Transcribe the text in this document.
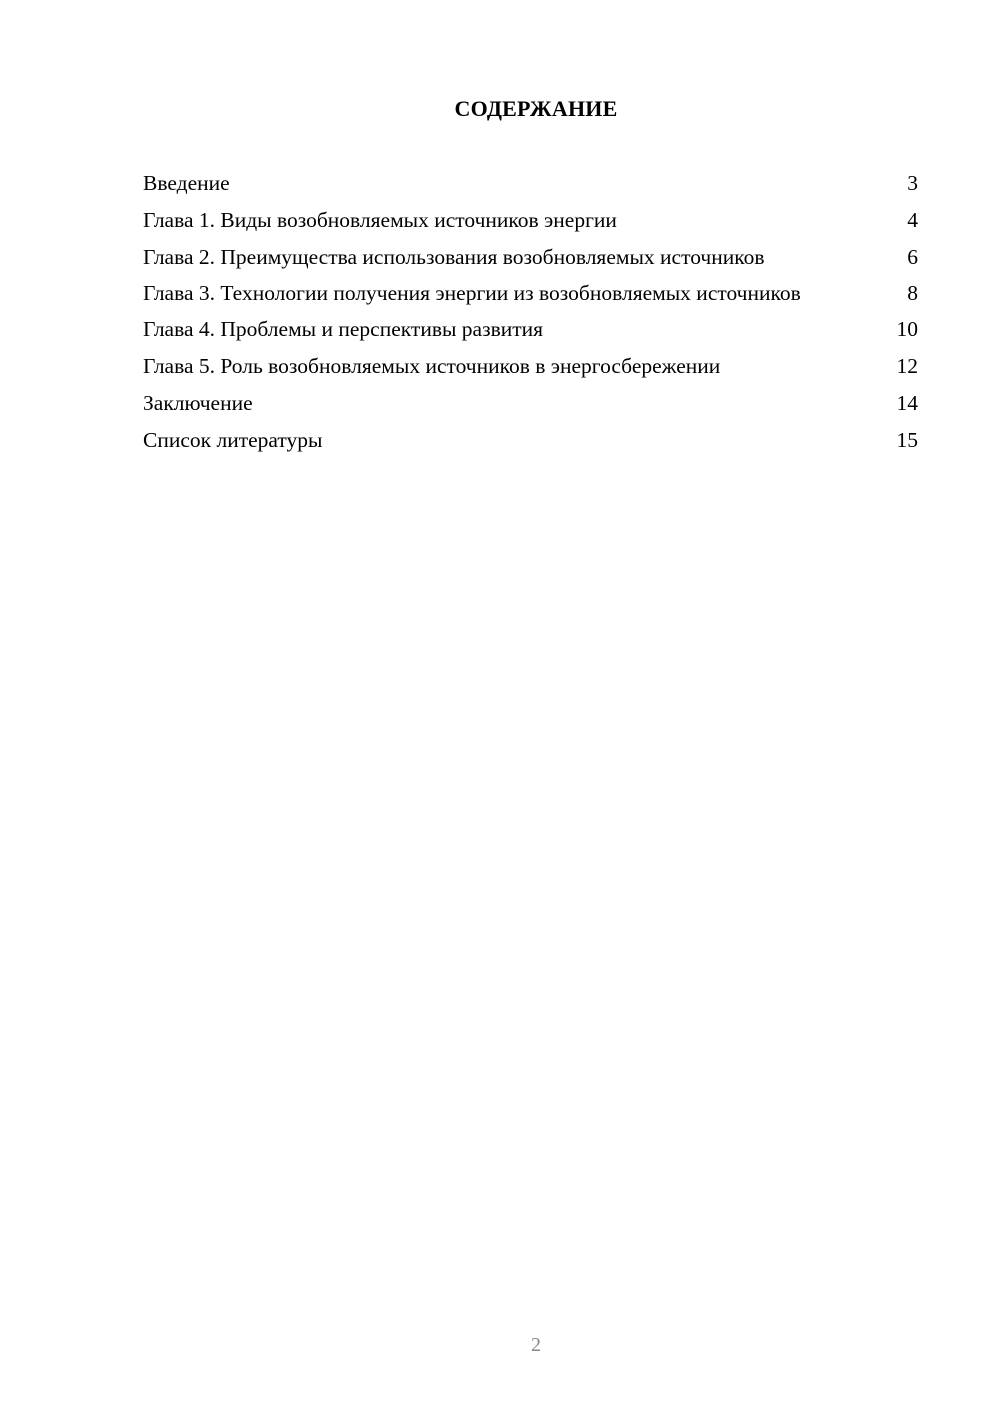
СОДЕРЖАНИЕ
Введение	3
Глава 1. Виды возобновляемых источников энергии	4
Глава 2. Преимущества использования возобновляемых источников	6
Глава 3. Технологии получения энергии из возобновляемых источников	8
Глава 4. Проблемы и перспективы развития	10
Глава 5. Роль возобновляемых источников в энергосбережении	12
Заключение	14
Список литературы	15
2
